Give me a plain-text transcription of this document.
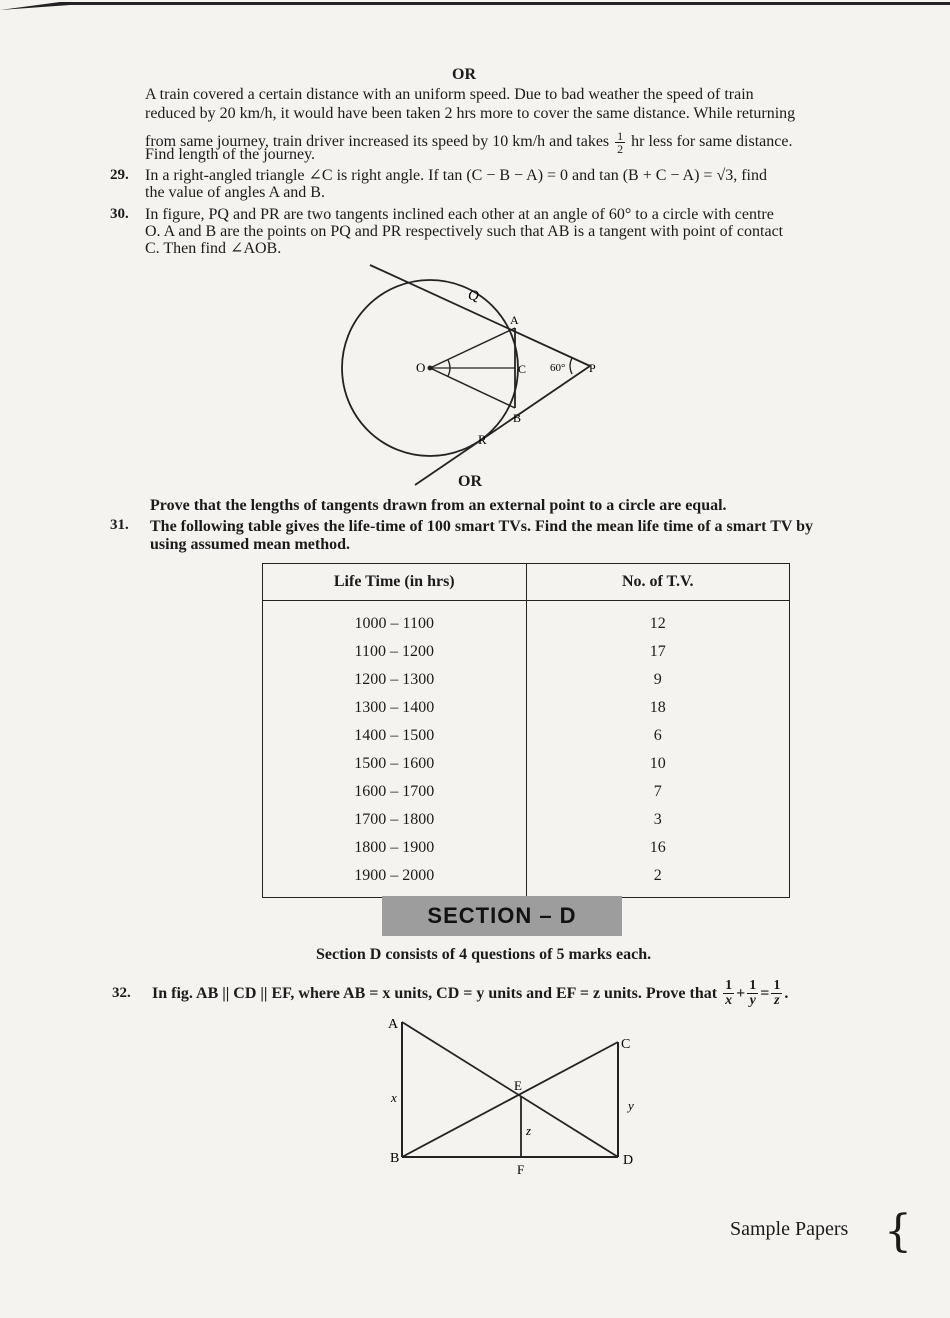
OR
A train covered a certain distance with an uniform speed. Due to bad weather the speed of train
reduced by 20 km/h, it would have been taken 2 hrs more to cover the same distance. While returning
from same journey, train driver increased its speed by 10 km/h and takes $\frac{1}{2}$ hr less for same distance.
Find length of the journey.
29. In a right-angled triangle ∠C is right angle. If tan (C − B − A) = 0 and tan (B + C − A) = √3, find
the value of angles A and B.
30. In figure, PQ and PR are two tangents inclined each other at an angle of 60° to a circle with centre
O. A and B are the points on PQ and PR respectively such that AB is a tangent with point of contact
C. Then find ∠AOB.
Q
A
O	C 60° P
B
R
OR
Prove that the lengths of tangents drawn from an external point to a circle are equal.
31. The following table gives the life-time of 100 smart TVs. Find the mean life time of a smart TV by
using assumed mean method.
Life Time (in hrs)	No. of T.V.
1000 – 1100	12
1100 – 1200	17
1200 – 1300	9
1300 – 1400	18
1400 – 1500	6
1500 – 1600	10
1600 – 1700	7
1700 – 1800	3
1800 – 1900	16
1900 – 2000	2
SECTION – D
Section D consists of 4 questions of 5 marks each.
32. In fig. AB || CD || EF, where AB = x units, CD = y units and EF = z units. Prove that $\frac{1}{x} + \frac{1}{y} = \frac{1}{z}$ .
A
B
C
D
E
F
x
y
z
Sample Papers {
